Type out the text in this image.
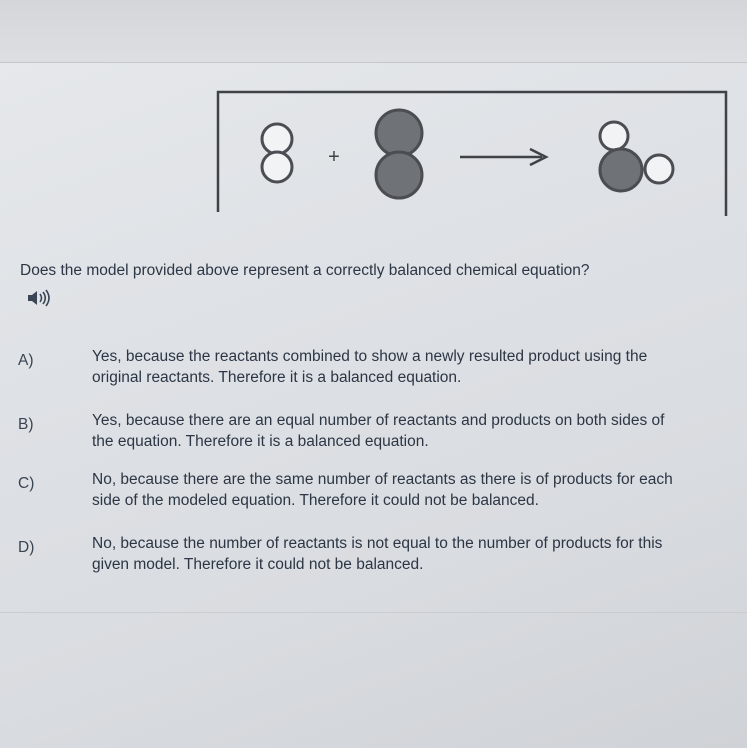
+
Does the model provided above represent a correctly balanced chemical equation?
A)	Yes, because the reactants combined to show a newly resulted product using the original reactants. Therefore it is a balanced equation.
B)	Yes, because there are an equal number of reactants and products on both sides of the equation. Therefore it is a balanced equation.
C)	No, because there are the same number of reactants as there is of products for each side of the modeled equation. Therefore it could not be balanced.
D)	No, because the number of reactants is not equal to the number of products for this given model. Therefore it could not be balanced.
